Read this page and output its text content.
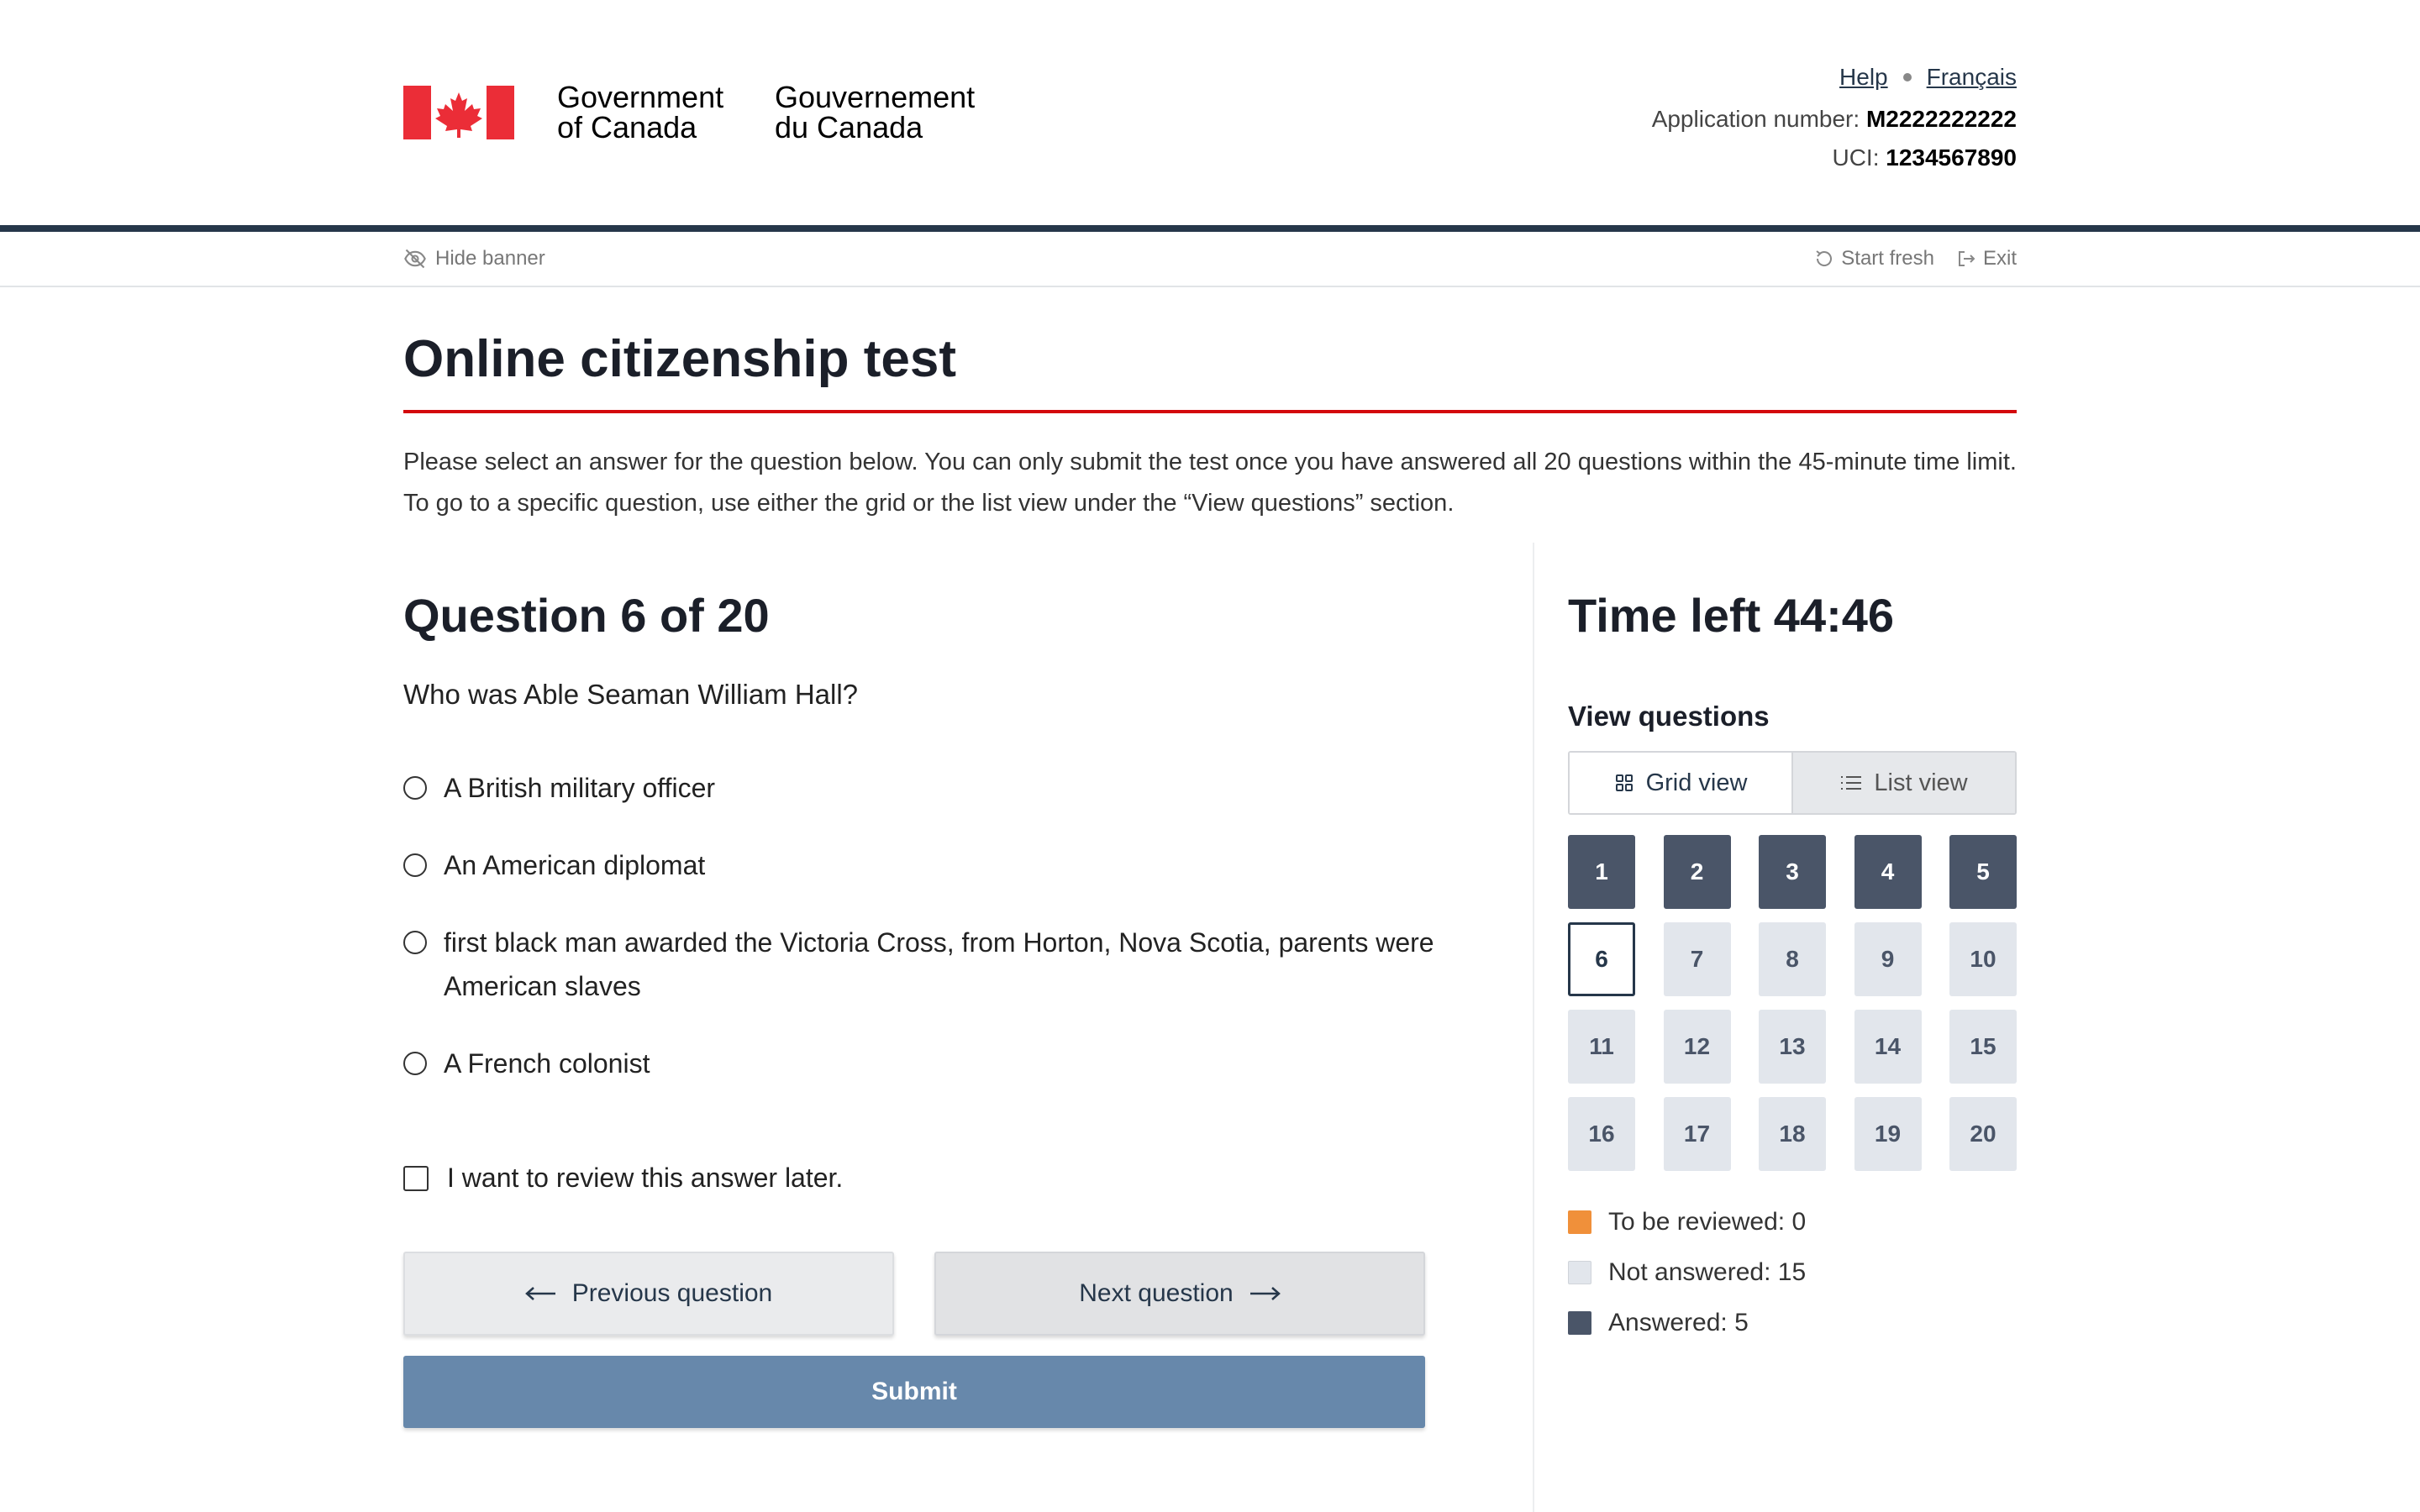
Government
of Canada
Gouvernement
du Canada
Help Français
Application number: M2222222222
UCI: 1234567890
Hide banner	Start fresh Exit
Online citizenship test

Please select an answer for the question below. You can only submit the test once you have answered all 20 questions within the 45-minute time limit. To go to a specific question, use either the grid or the list view under the “View questions” section.

Question 6 of 20

Who was Able Seaman William Hall?

A British military officer
An American diplomat
first black man awarded the Victoria Cross, from Horton, Nova Scotia, parents were American slaves
A French colonist
I want to review this answer later.
Previous question	Next question
Submit
Time left 44:46
View questions
Grid view	List view
1	2	3	4	5
6	7	8	9	10
11	12	13	14	15
16	17	18	19	20
To be reviewed: 0
Not answered: 15
Answered: 5
